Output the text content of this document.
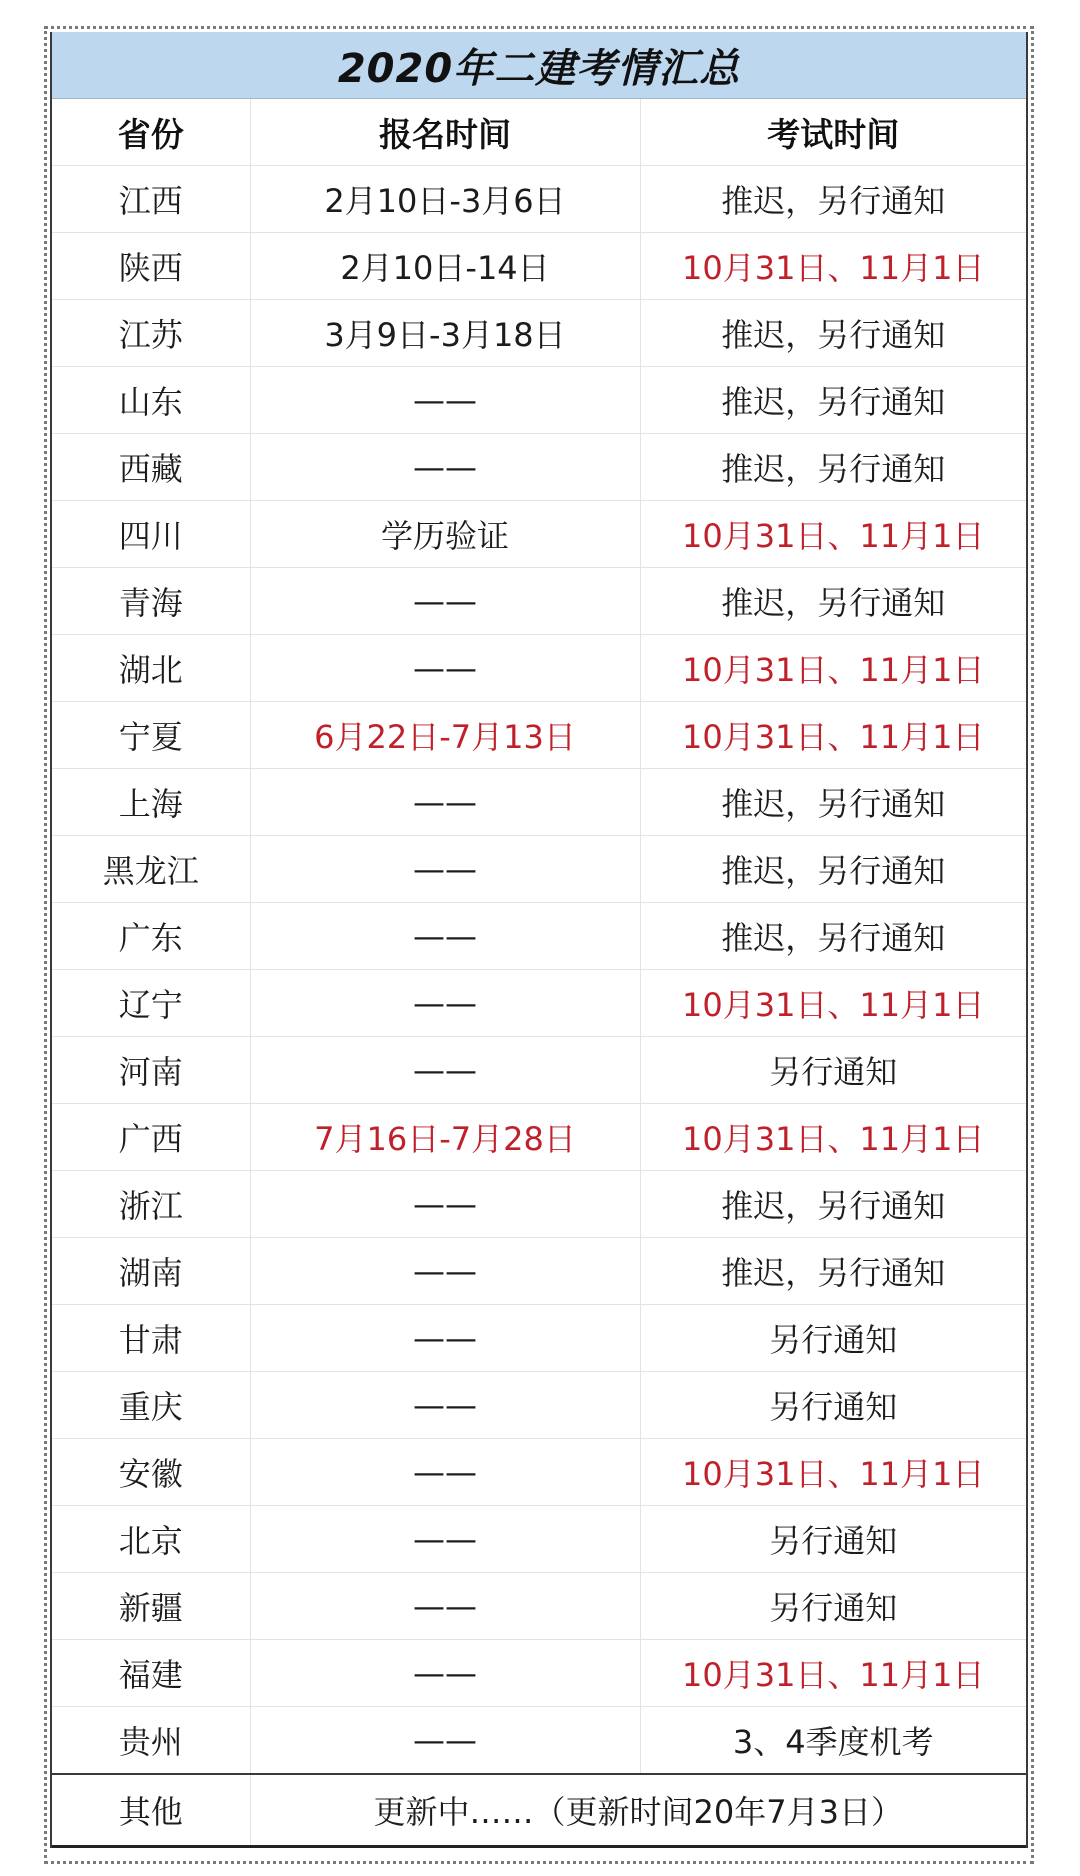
2020年二建考情汇总
省份	报名时间	考试时间
江西	2月10日-3月6日	推迟，另行通知
陕西	2月10日-14日	10月31日、11月1日
江苏	3月9日-3月18日	推迟，另行通知
山东	——	推迟，另行通知
西藏	——	推迟，另行通知
四川	学历验证	10月31日、11月1日
青海	——	推迟，另行通知
湖北	——	10月31日、11月1日
宁夏	6月22日-7月13日	10月31日、11月1日
上海	——	推迟，另行通知
黑龙江	——	推迟，另行通知
广东	——	推迟，另行通知
辽宁	——	10月31日、11月1日
河南	——	另行通知
广西	7月16日-7月28日	10月31日、11月1日
浙江	——	推迟，另行通知
湖南	——	推迟，另行通知
甘肃	——	另行通知
重庆	——	另行通知
安徽	——	10月31日、11月1日
北京	——	另行通知
新疆	——	另行通知
福建	——	10月31日、11月1日
贵州	——	3、4季度机考
其他	更新中……（更新时间20年7月3日）	
